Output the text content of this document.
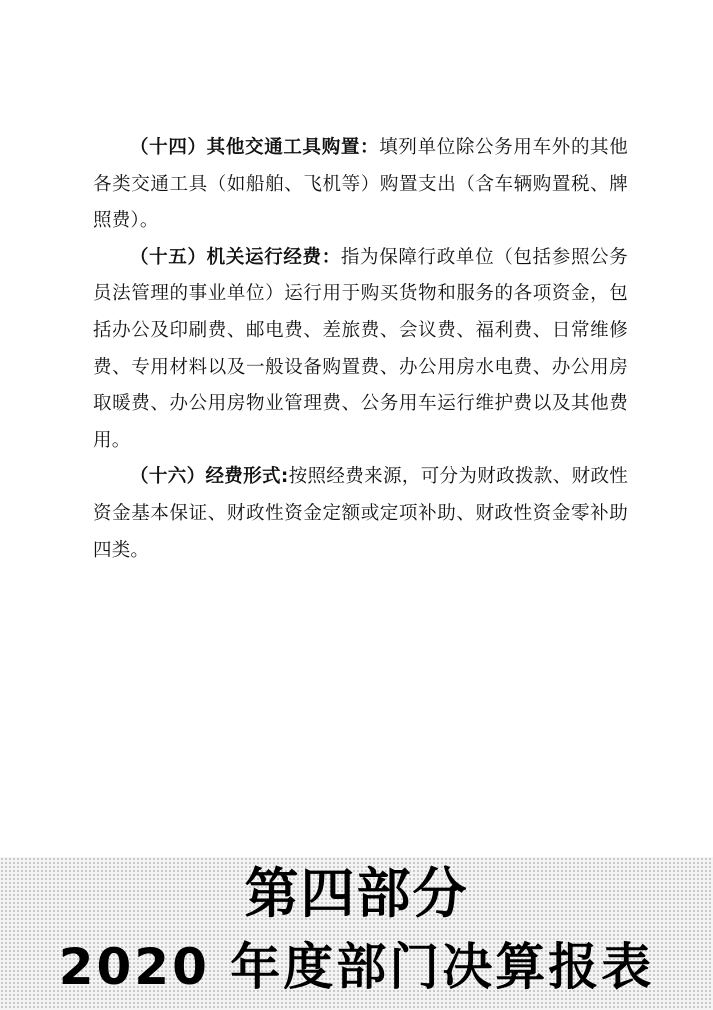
（十四）其他交通工具购置：填列单位除公务用车外的其他各类交通工具（如船舶、飞机等）购置支出（含车辆购置税、牌照费）。

（十五）机关运行经费：指为保障行政单位（包括参照公务员法管理的事业单位）运行用于购买货物和服务的各项资金，包括办公及印刷费、邮电费、差旅费、会议费、福利费、日常维修费、专用材料以及一般设备购置费、办公用房水电费、办公用房取暖费、办公用房物业管理费、公务用车运行维护费以及其他费用。

（十六）经费形式:按照经费来源，可分为财政拨款、财政性资金基本保证、财政性资金定额或定项补助、财政性资金零补助四类。

第四部分
2020 年度部门决算报表
